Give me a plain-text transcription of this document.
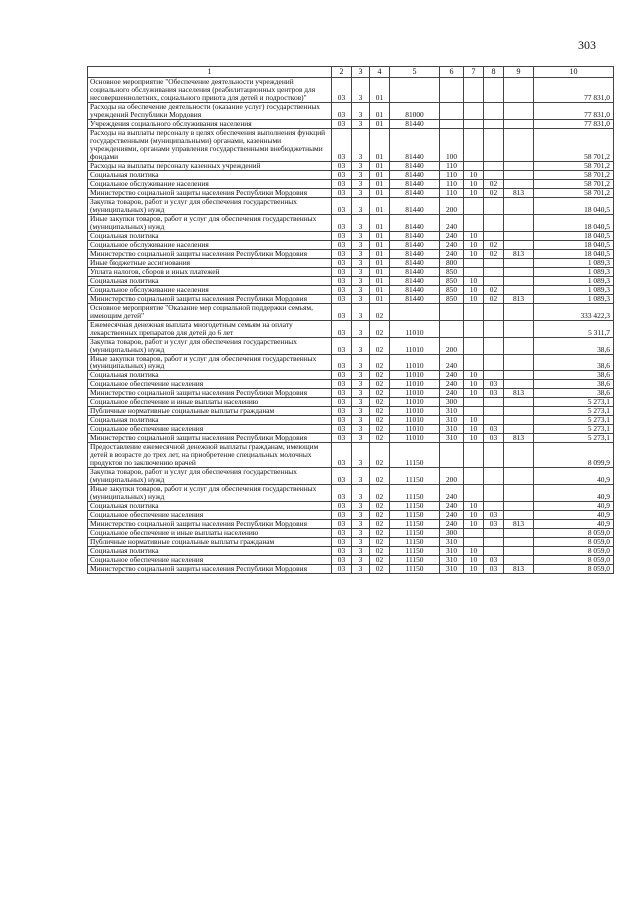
303
1	2	3	4	5	6	7	8	9	10
Основное мероприятие "Обеспечение деятельности учреждений социального обслуживания населения (реабилитационных центров для несовершеннолетних, социального приюта для детей и подростков)"	03	3	01						77 831,0
Расходы на обеспечение деятельности (оказание услуг) государственных учреждений Республики Мордовия	03	3	01	81000					77 831,0
Учреждения социального обслуживания населения	03	3	01	81440					77 831,0
Расходы на выплаты персоналу в целях обеспечения выполнения функций государственными (муниципальными) органами, казенными учреждениями, органами управления государственными внебюджетными фондами	03	3	01	81440	100				58 701,2
Расходы на выплаты персоналу казенных учреждений	03	3	01	81440	110				58 701,2
Социальная политика	03	3	01	81440	110	10			58 701,2
Социальное обслуживание населения	03	3	01	81440	110	10	02		58 701,2
Министерство социальной защиты населения Республики Мордовия	03	3	01	81440	110	10	02	813	58 701,2
Закупка товаров, работ и услуг для обеспечения государственных (муниципальных) нужд	03	3	01	81440	200				18 040,5
Иные закупки товаров, работ и услуг для обеспечения государственных (муниципальных) нужд	03	3	01	81440	240				18 040,5
Социальная политика	03	3	01	81440	240	10			18 040,5
Социальное обслуживание населения	03	3	01	81440	240	10	02		18 040,5
Министерство социальной защиты населения Республики Мордовия	03	3	01	81440	240	10	02	813	18 040,5
Иные бюджетные ассигнования	03	3	01	81440	800				1 089,3
Уплата налогов, сборов и иных платежей	03	3	01	81440	850				1 089,3
Социальная политика	03	3	01	81440	850	10			1 089,3
Социальное обслуживание населения	03	3	01	81440	850	10	02		1 089,3
Министерство социальной защиты населения Республики Мордовия	03	3	01	81440	850	10	02	813	1 089,3
Основное мероприятие "Оказание мер социальной поддержки семьям, имеющим детей"	03	3	02						333 422,3
Ежемесячная денежная выплата многодетным семьям на оплату лекарственных препаратов для детей до 6 лет	03	3	02	11010					5 311,7
Закупка товаров, работ и услуг для обеспечения государственных (муниципальных) нужд	03	3	02	11010	200				38,6
Иные закупки товаров, работ и услуг для обеспечения государственных (муниципальных) нужд	03	3	02	11010	240				38,6
Социальная политика	03	3	02	11010	240	10			38,6
Социальное обеспечение населения	03	3	02	11010	240	10	03		38,6
Министерство социальной защиты населения Республики Мордовия	03	3	02	11010	240	10	03	813	38,6
Социальное обеспечение и иные выплаты населению	03	3	02	11010	300				5 273,1
Публичные нормативные социальные выплаты гражданам	03	3	02	11010	310				5 273,1
Социальная политика	03	3	02	11010	310	10			5 273,1
Социальное обеспечение населения	03	3	02	11010	310	10	03		5 273,1
Министерство социальной защиты населения Республики Мордовия	03	3	02	11010	310	10	03	813	5 273,1
Предоставление ежемесячной денежной выплаты гражданам, имеющим детей в возрасте до трех лет, на приобретение специальных молочных продуктов по заключению врачей	03	3	02	11150					8 099,9
Закупка товаров, работ и услуг для обеспечения государственных (муниципальных) нужд	03	3	02	11150	200				40,9
Иные закупки товаров, работ и услуг для обеспечения государственных (муниципальных) нужд	03	3	02	11150	240				40,9
Социальная политика	03	3	02	11150	240	10			40,9
Социальное обеспечение населения	03	3	02	11150	240	10	03		40,9
Министерство социальной защиты населения Республики Мордовия	03	3	02	11150	240	10	03	813	40,9
Социальное обеспечение и иные выплаты населению	03	3	02	11150	300				8 059,0
Публичные нормативные социальные выплаты гражданам	03	3	02	11150	310				8 059,0
Социальная политика	03	3	02	11150	310	10			8 059,0
Социальное обеспечение населения	03	3	02	11150	310	10	03		8 059,0
Министерство социальной защиты населения Республики Мордовия	03	3	02	11150	310	10	03	813	8 059,0
